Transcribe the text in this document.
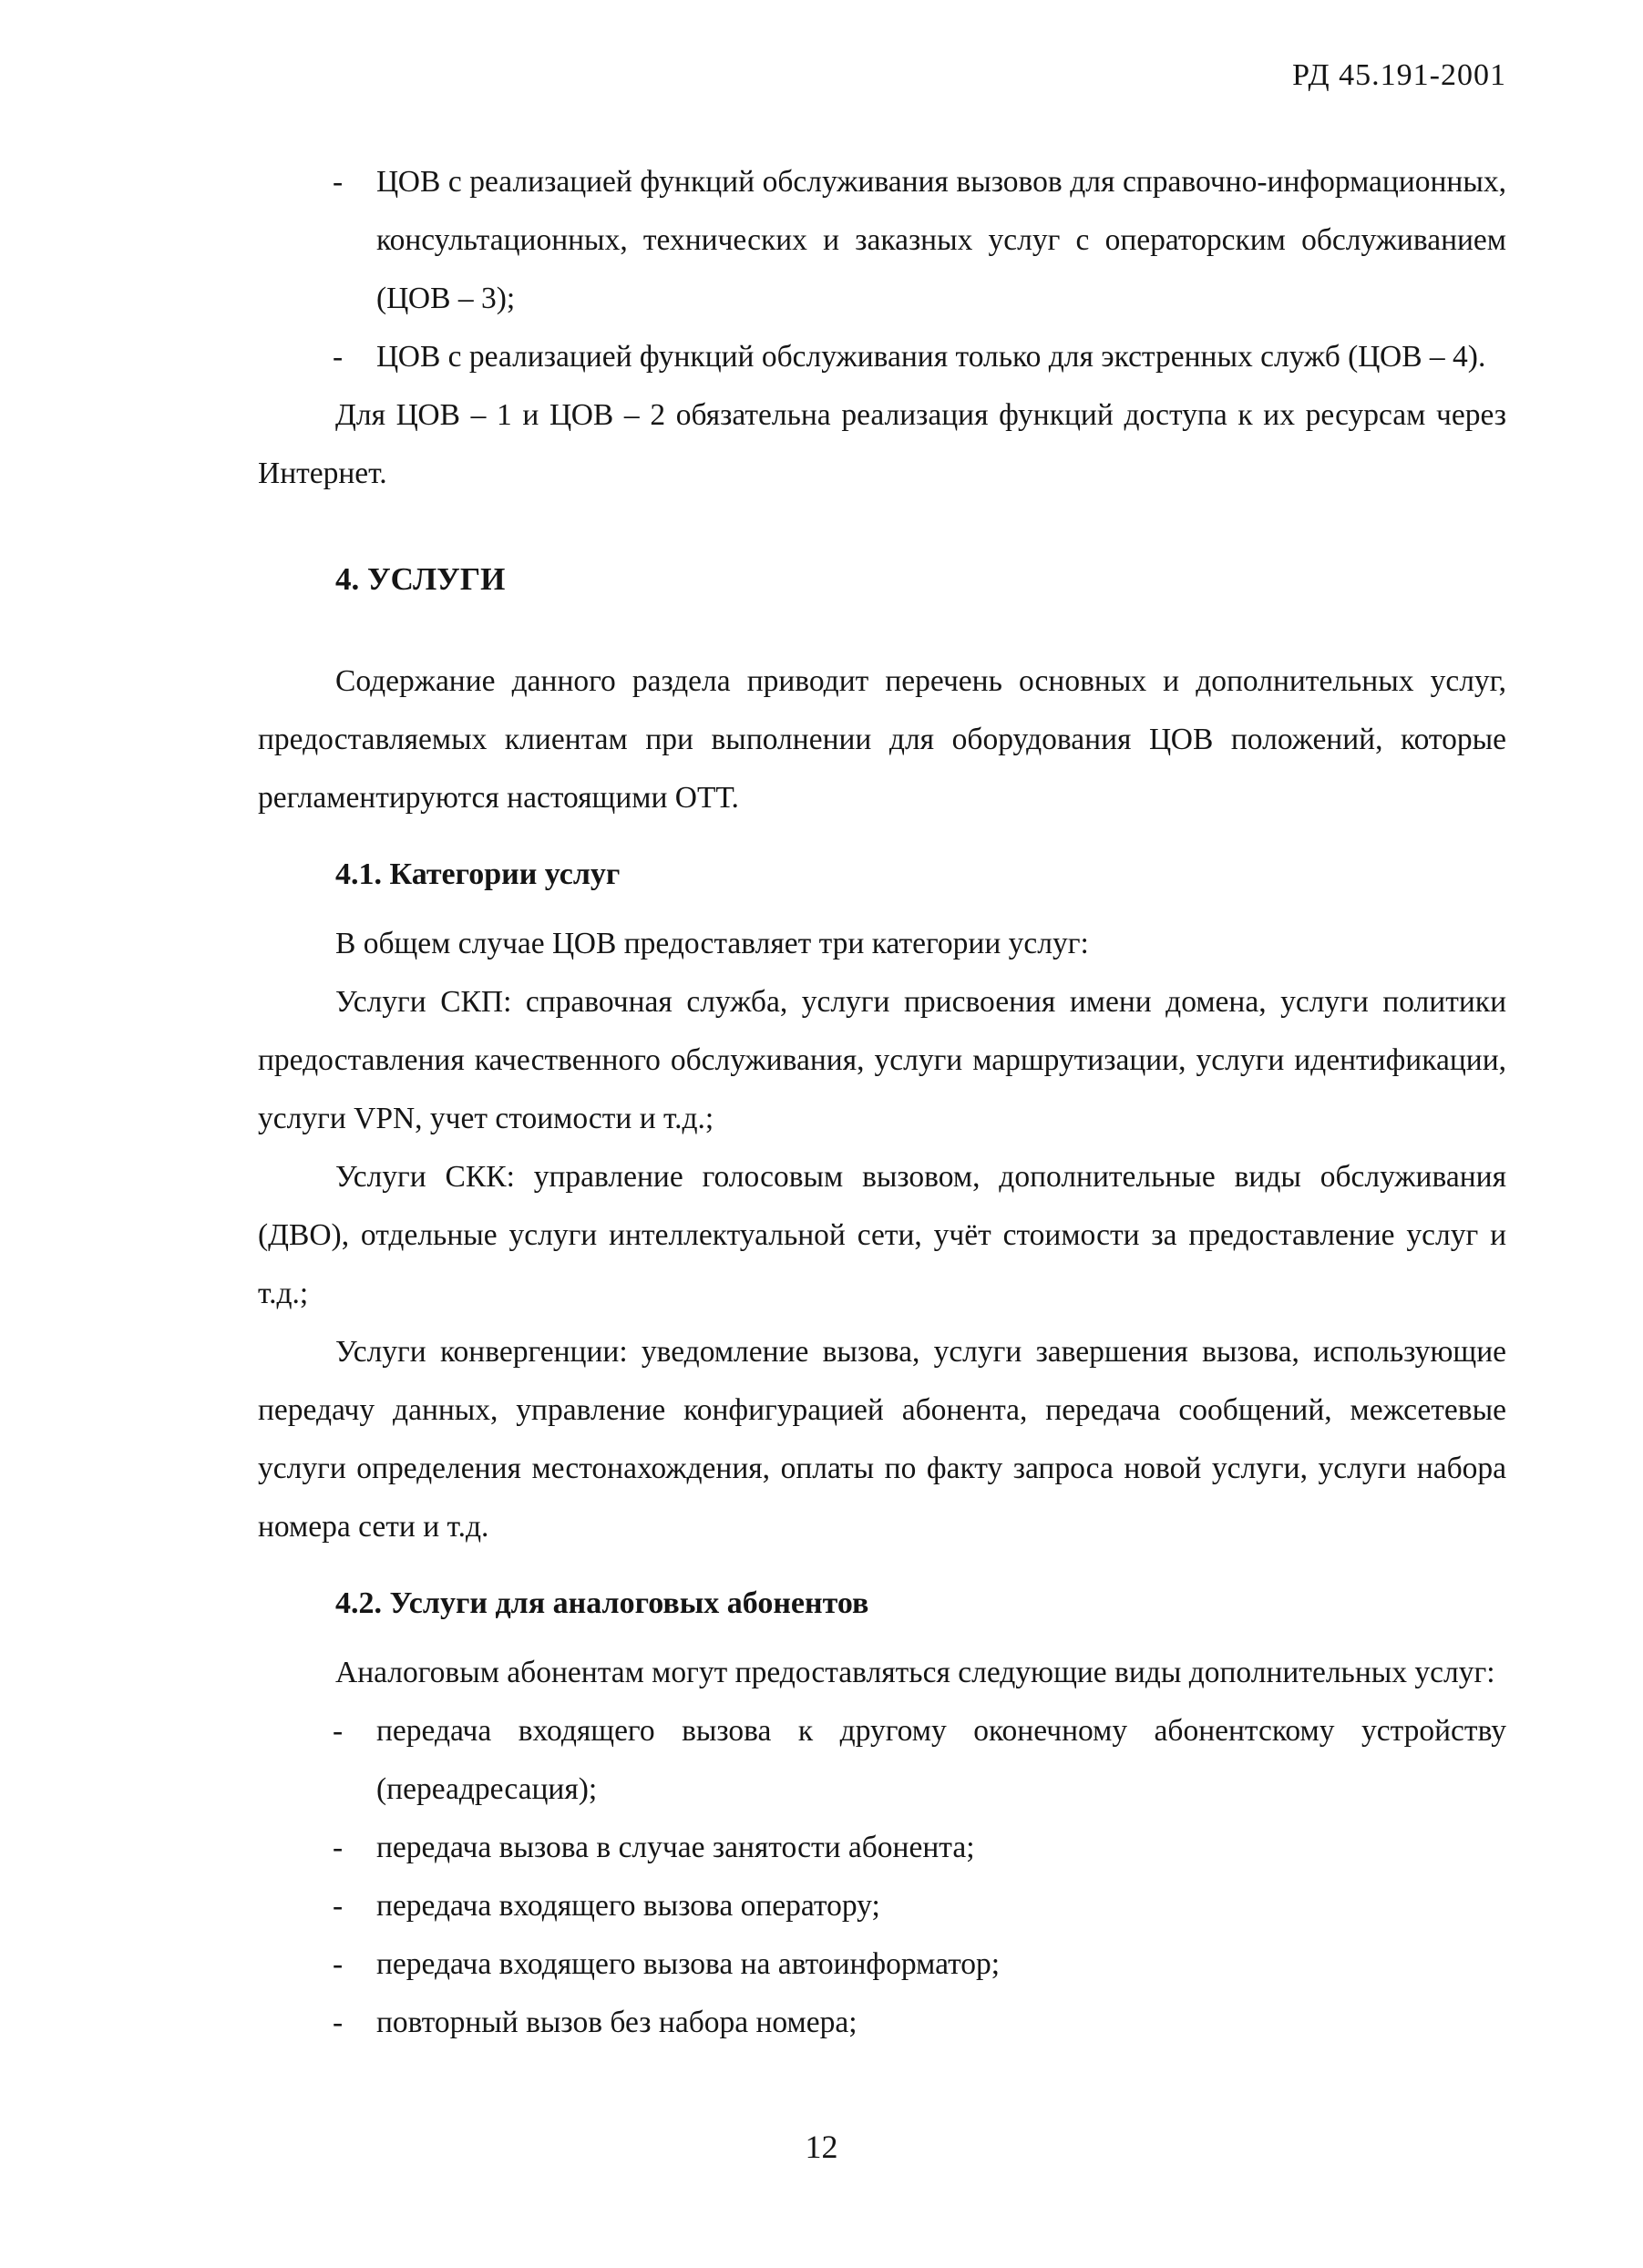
РД 45.191-2001
- ЦОВ с реализацией функций обслуживания вызовов для справочно-информационных, консультационных, технических и заказных услуг с операторским обслуживанием (ЦОВ – 3);
- ЦОВ с реализацией функций обслуживания только для экстренных служб (ЦОВ – 4).

Для ЦОВ – 1 и ЦОВ – 2 обязательна реализация функций доступа к их ресурсам через Интернет.

4. УСЛУГИ

Содержание данного раздела приводит перечень основных и дополнительных услуг, предоставляемых клиентам при выполнении для оборудования ЦОВ положений, которые регламентируются настоящими ОТТ.

4.1. Категории услуг

В общем случае ЦОВ предоставляет три категории услуг:

Услуги СКП: справочная служба, услуги присвоения имени домена, услуги политики предоставления качественного обслуживания, услуги маршрутизации, услуги идентификации, услуги VPN, учет стоимости и т.д.;

Услуги СКК: управление голосовым вызовом, дополнительные виды обслуживания (ДВО), отдельные услуги интеллектуальной сети, учёт стоимости за предоставление услуг и т.д.;

Услуги конвергенции: уведомление вызова, услуги завершения вызова, использующие передачу данных, управление конфигурацией абонента, передача сообщений, межсетевые услуги определения местонахождения, оплаты по факту запроса новой услуги, услуги набора номера сети и т.д.

4.2. Услуги для аналоговых абонентов

Аналоговым абонентам могут предоставляться следующие виды дополнительных услуг:

- передача входящего вызова к другому оконечному абонентскому устройству (переадресация);
- передача вызова в случае занятости абонента;
- передача входящего вызова оператору;
- передача входящего вызова на автоинформатор;
- повторный вызов без набора номера;
12
